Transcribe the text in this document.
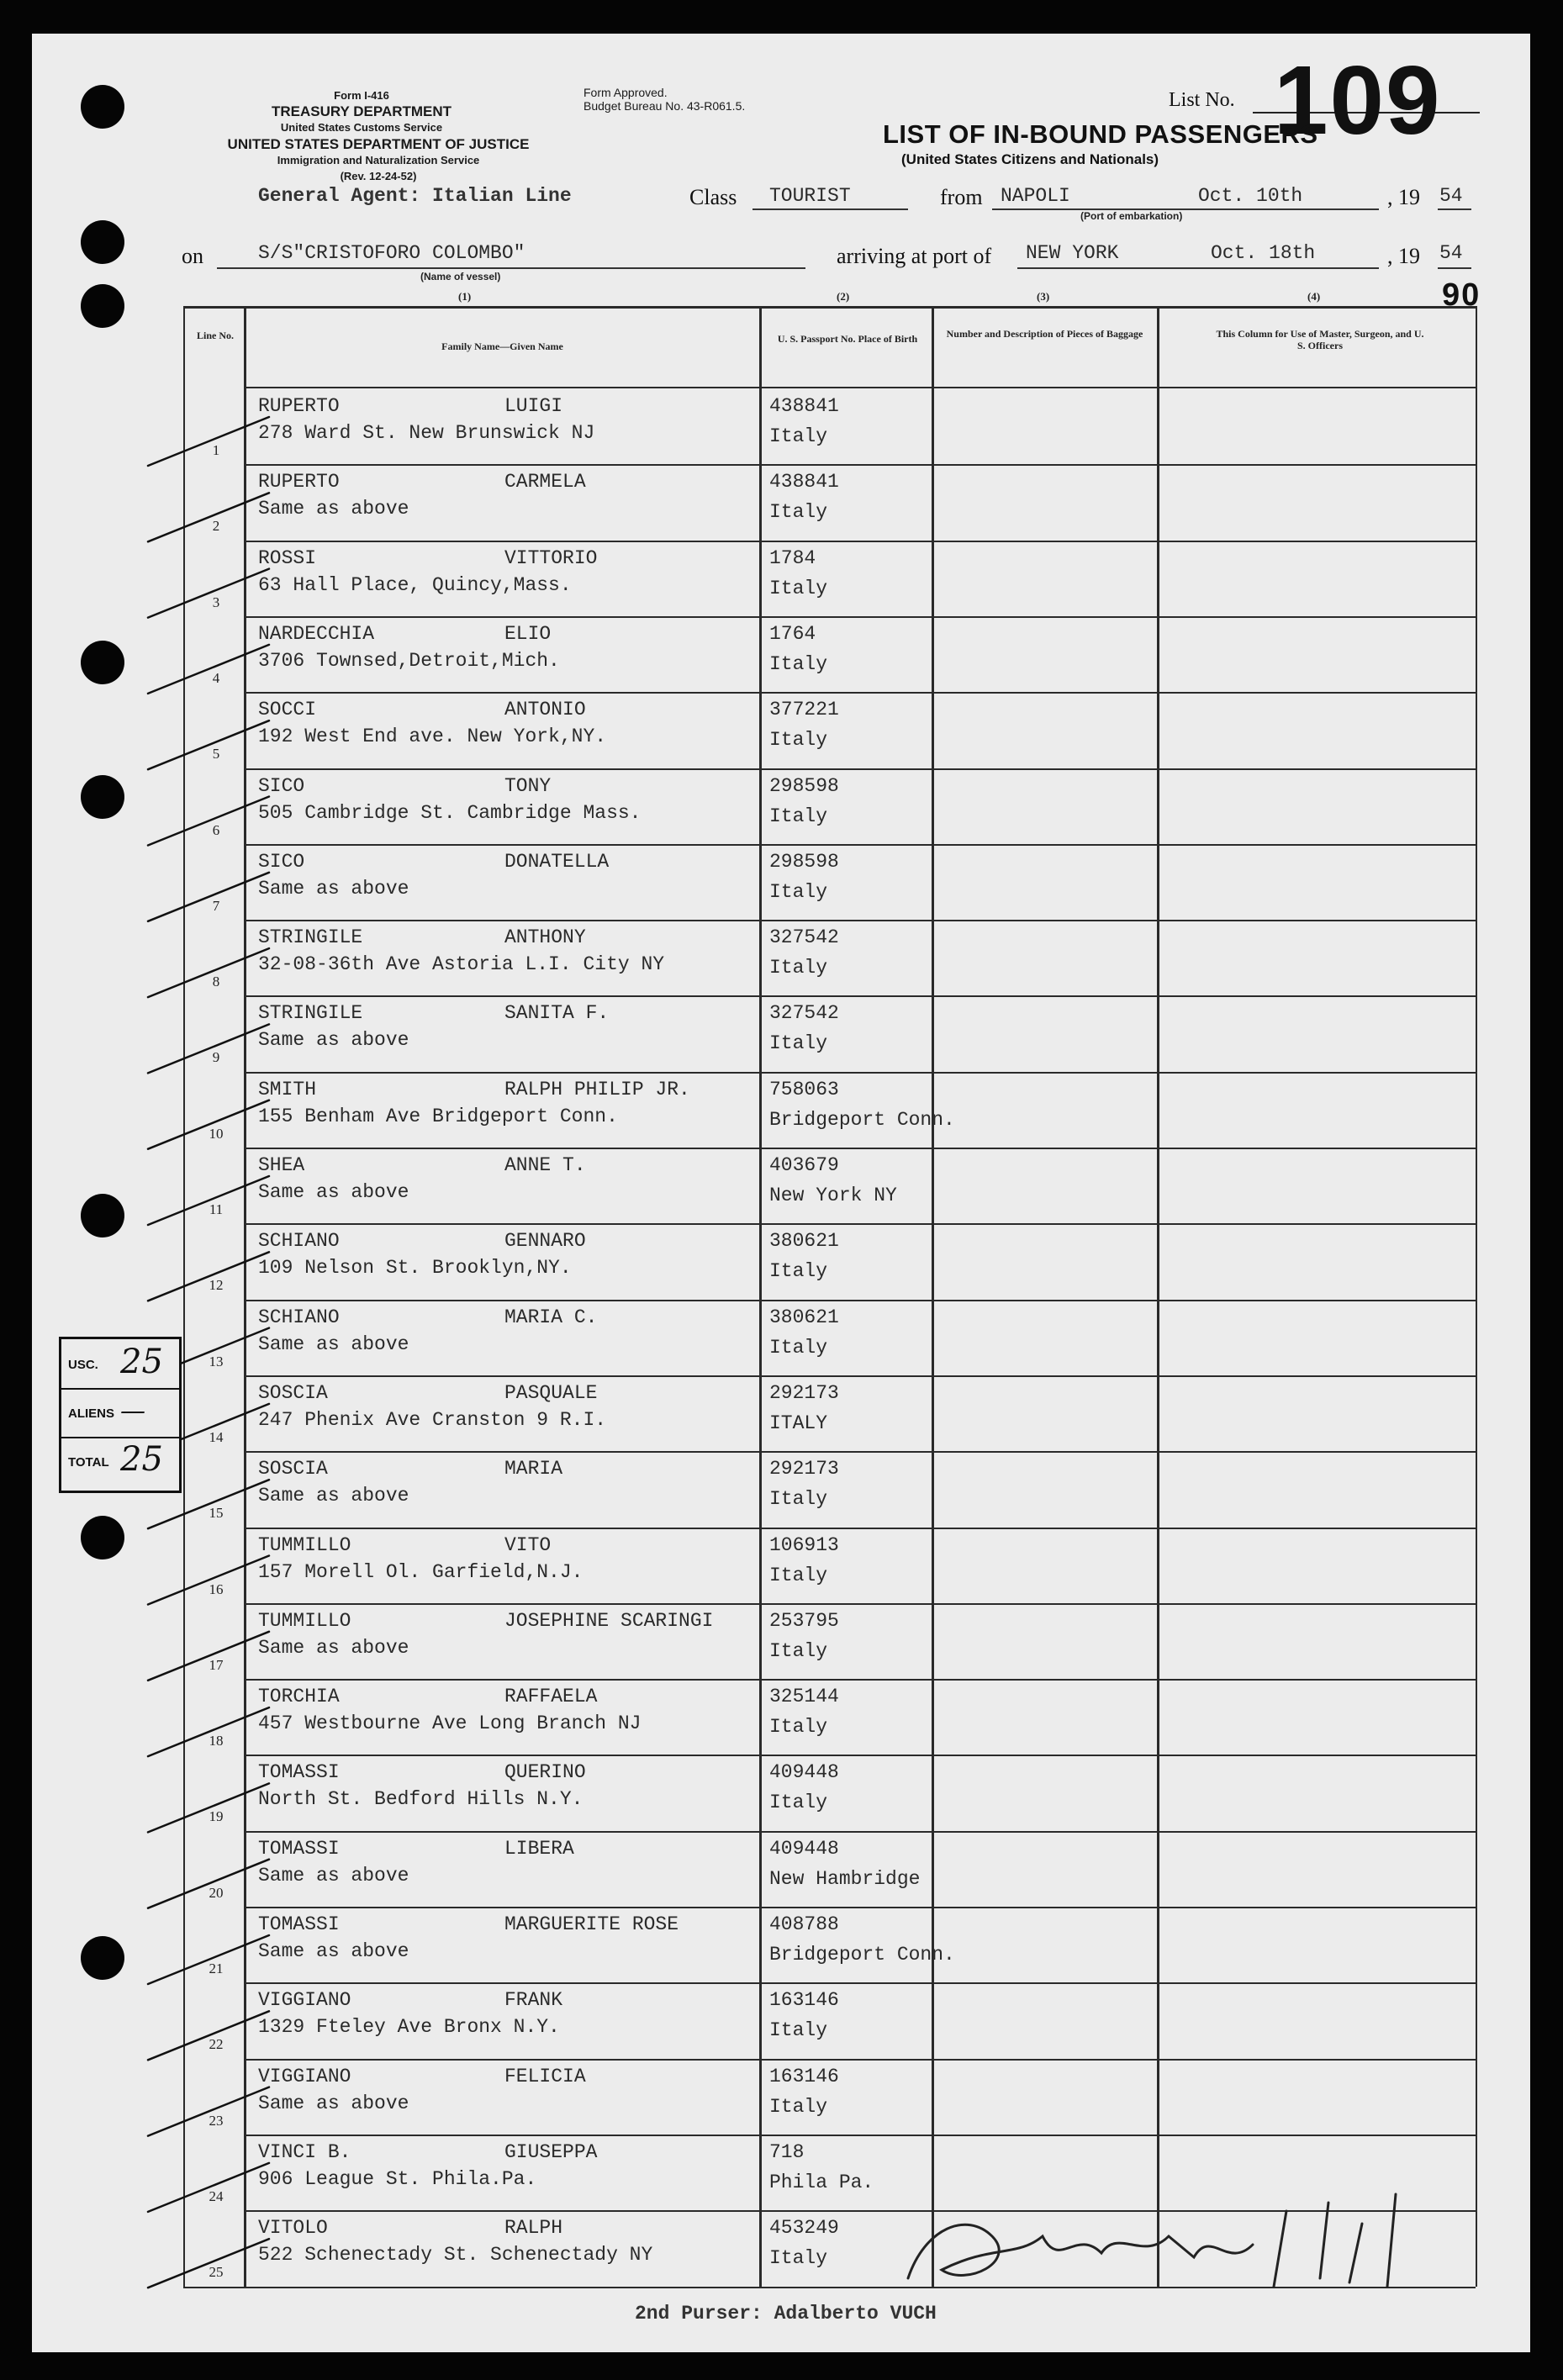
Form I-416
TREASURY DEPARTMENT
United States Customs Service
UNITED STATES DEPARTMENT OF JUSTICE
Immigration and Naturalization Service
(Rev. 12-24-52)
Form Approved.
Budget Bureau No. 43-R061.5.	List No. 109
LIST OF IN-BOUND PASSENGERS
(United States Citizens and Nationals)
General Agent: Italian Line	Class TOURIST	from NAPOLI	Oct. 10th	, 19 54
(Port of embarkation)
on	S/S"CRISTOFORO COLOMBO"
(Name of vessel)
arriving at port of NEW YORK	Oct. 18th	, 19 54
90
(1)	(2)	(3)	(4)
Line No.
Family Name—Given Name
U. S. Passport No. Place of Birth	Number and Description of Pieces of Baggage	This Column for Use of Master, Surgeon, and U. S. Officers
1
RUPERTO	LUIGI
278 Ward St. New Brunswick NJ
438841
Italy
2
RUPERTO	CARMELA
Same as above
438841
Italy
3
ROSSI	VITTORIO
63 Hall Place, Quincy,Mass.
1784
Italy
4
NARDECCHIA	ELIO
3706 Townsed,Detroit,Mich.
1764
Italy
5
SOCCI	ANTONIO
192 West End ave. New York,NY.
377221
Italy
6
SICO	TONY
505 Cambridge St. Cambridge Mass.
298598
Italy
7
SICO	DONATELLA
Same as above
298598
Italy
8
STRINGILE	ANTHONY
32-08-36th Ave Astoria L.I. City NY
327542
Italy
9
STRINGILE	SANITA F.
Same as above
327542
Italy
10
SMITH	RALPH PHILIP JR.
155 Benham Ave Bridgeport Conn.
758063
Bridgeport Conn.
11
SHEA	ANNE T.
Same as above
403679
New York NY
12
SCHIANO	GENNARO
109 Nelson St. Brooklyn,NY.
380621
Italy
13
SCHIANO	MARIA C.
Same as above
380621
Italy
14
SOSCIA	PASQUALE
247 Phenix Ave Cranston 9 R.I.
292173
ITALY
15
SOSCIA	MARIA
Same as above
292173
Italy
16
TUMMILLO	VITO
157 Morell Ol. Garfield,N.J.
106913
Italy
17
TUMMILLO	JOSEPHINE SCARINGI
Same as above
253795
Italy
18
TORCHIA	RAFFAELA
457 Westbourne Ave Long Branch NJ
325144
Italy
19
TOMASSI	QUERINO
North St. Bedford Hills N.Y.
409448
Italy
20
TOMASSI	LIBERA
Same as above
409448
New Hambridge
21
TOMASSI	MARGUERITE ROSE
Same as above
408788
Bridgeport Conn.
22
VIGGIANO	FRANK
1329 Fteley Ave Bronx N.Y.
163146
Italy
23
VIGGIANO	FELICIA
Same as above
163146
Italy
24
VINCI B.	GIUSEPPA
906 League St. Phila.Pa.
718
Phila Pa.
25
VITOLO	RALPH
522 Schenectady St. Schenectady NY
453249
Italy
USC. 25
ALIENS —
TOTAL 25
2nd Purser: Adalberto VUCH
